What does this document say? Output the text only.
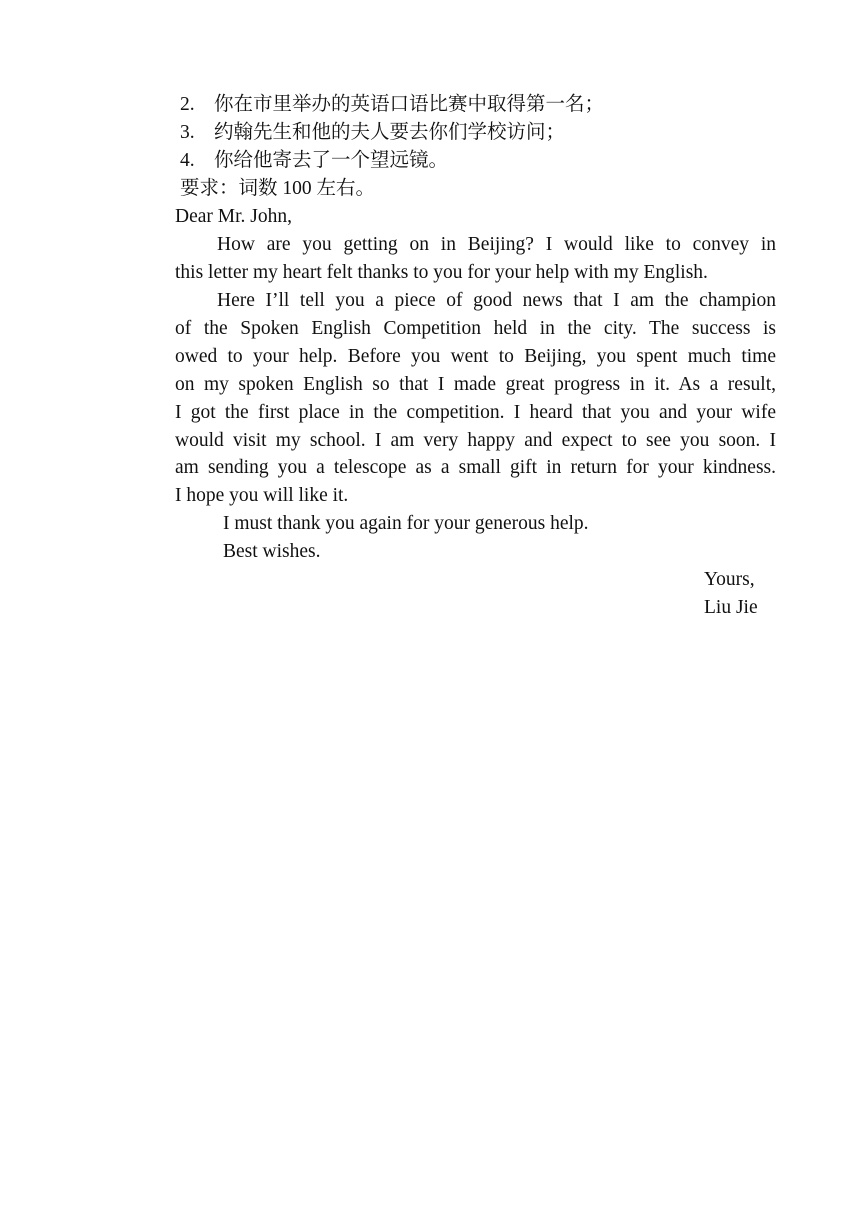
2. 你在市里举办的英语口语比赛中取得第一名；
3. 约翰先生和他的夫人要去你们学校访问；
4. 你给他寄去了一个望远镜。
要求：词数 100 左右。
Dear Mr. John,
How are you getting on in Beijing? I would like to convey in
this letter my heart felt thanks to you for your help with my English.
Here I’ll tell you a piece of good news that I am the champion
of the Spoken English Competition held in the city. The success is
owed to your help. Before you went to Beijing, you spent much time
on my spoken English so that I made great progress in it. As a result,
I got the first place in the competition. I heard that you and your wife
would visit my school. I am very happy and expect to see you soon. I
am sending you a telescope as a small gift in return for your kindness.
I hope you will like it.
I must thank you again for your generous help.
Best wishes.
Yours,
Liu Jie
